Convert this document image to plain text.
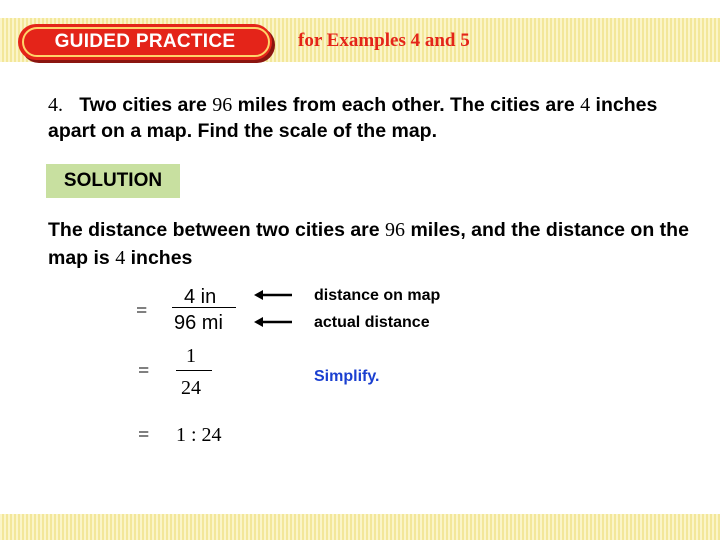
GUIDED PRACTICE	for Examples 4 and 5
4. Two cities are 96 miles from each other. The cities are 4 inches apart on a map. Find the scale of the map.
SOLUTION
The distance between two cities are 96 miles, and the distance on the map is 4 inches
=
4 in
96 mi
distance on map
actual distance
=
1
24
Simplify.
= 1 : 24
